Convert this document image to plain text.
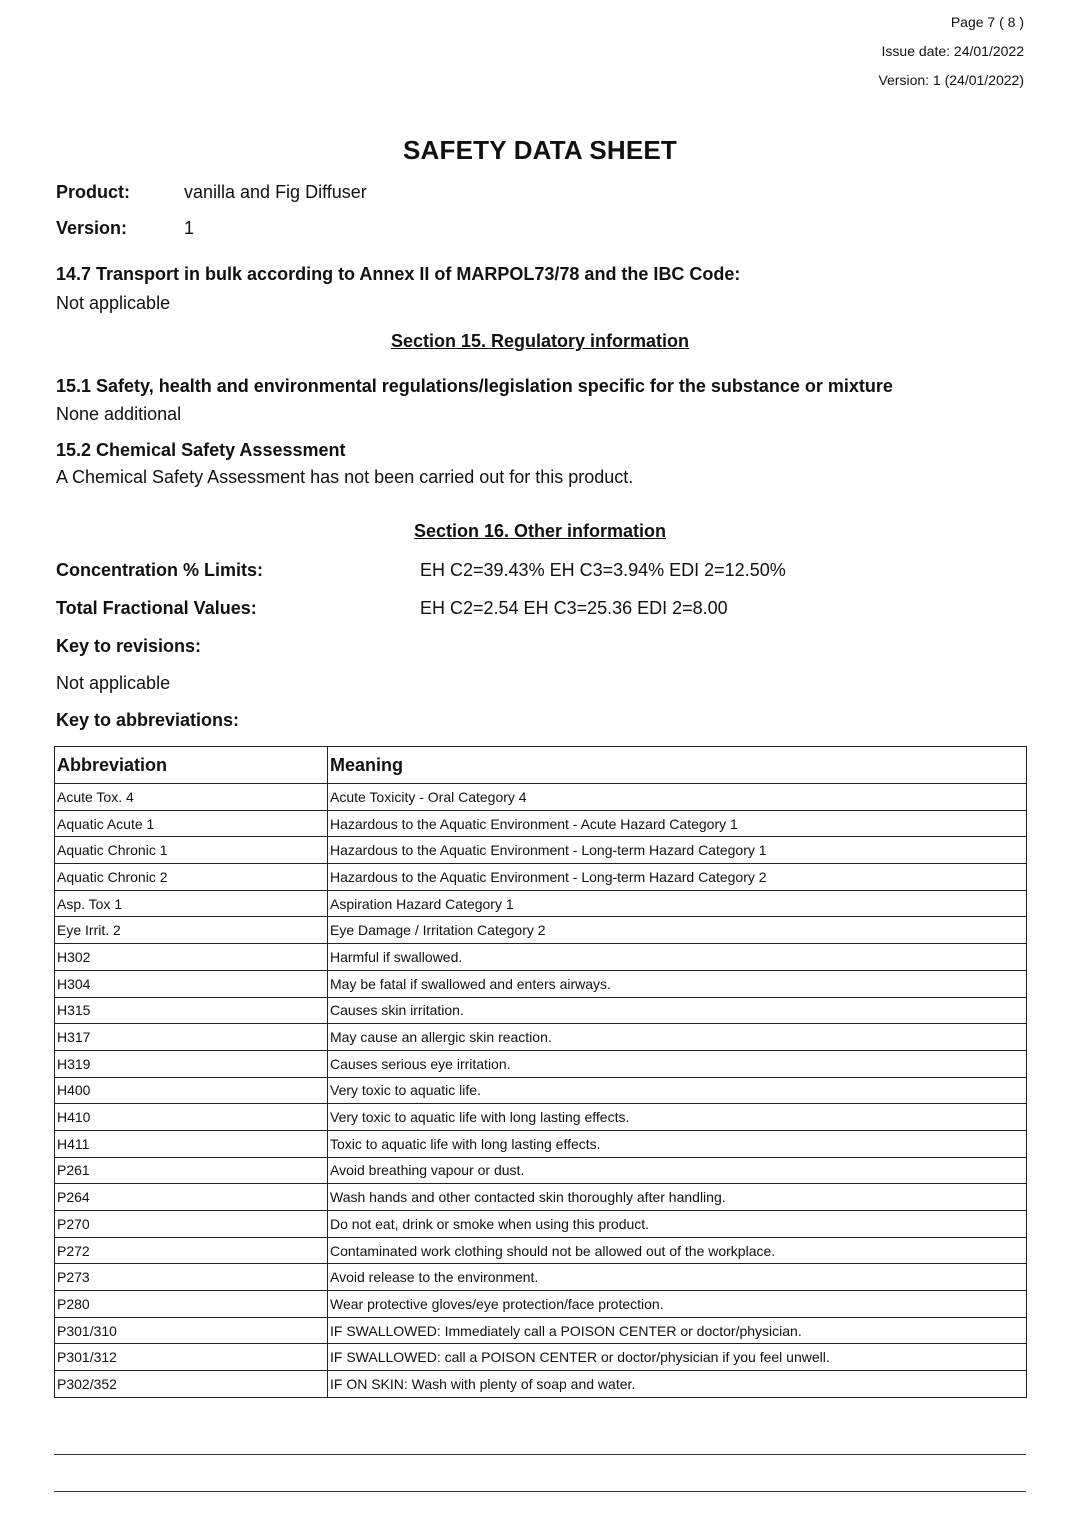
Page 7 ( 8 )
Issue date: 24/01/2022
Version: 1 (24/01/2022)
SAFETY DATA SHEET
Product:	vanilla and Fig Diffuser
Version:	1
14.7 Transport in bulk according to Annex II of MARPOL73/78 and the IBC Code:
Not applicable
Section 15. Regulatory information
15.1 Safety, health and environmental regulations/legislation specific for the substance or mixture
None additional
15.2 Chemical Safety Assessment
A Chemical Safety Assessment has not been carried out for this product.
Section 16. Other information
Concentration % Limits:	EH C2=39.43% EH C3=3.94% EDI 2=12.50%
Total Fractional Values:	EH C2=2.54 EH C3=25.36 EDI 2=8.00
Key to revisions:
Not applicable
Key to abbreviations:
Abbreviation	Meaning
Acute Tox. 4	Acute Toxicity - Oral Category 4
Aquatic Acute 1	Hazardous to the Aquatic Environment - Acute Hazard Category 1
Aquatic Chronic 1	Hazardous to the Aquatic Environment - Long-term Hazard Category 1
Aquatic Chronic 2	Hazardous to the Aquatic Environment - Long-term Hazard Category 2
Asp. Tox 1	Aspiration Hazard Category 1
Eye Irrit. 2	Eye Damage / Irritation Category 2
H302	Harmful if swallowed.
H304	May be fatal if swallowed and enters airways.
H315	Causes skin irritation.
H317	May cause an allergic skin reaction.
H319	Causes serious eye irritation.
H400	Very toxic to aquatic life.
H410	Very toxic to aquatic life with long lasting effects.
H411	Toxic to aquatic life with long lasting effects.
P261	Avoid breathing vapour or dust.
P264	Wash hands and other contacted skin thoroughly after handling.
P270	Do not eat, drink or smoke when using this product.
P272	Contaminated work clothing should not be allowed out of the workplace.
P273	Avoid release to the environment.
P280	Wear protective gloves/eye protection/face protection.
P301/310	IF SWALLOWED: Immediately call a POISON CENTER or doctor/physician.
P301/312	IF SWALLOWED: call a POISON CENTER or doctor/physician if you feel unwell.
P302/352	IF ON SKIN: Wash with plenty of soap and water.
